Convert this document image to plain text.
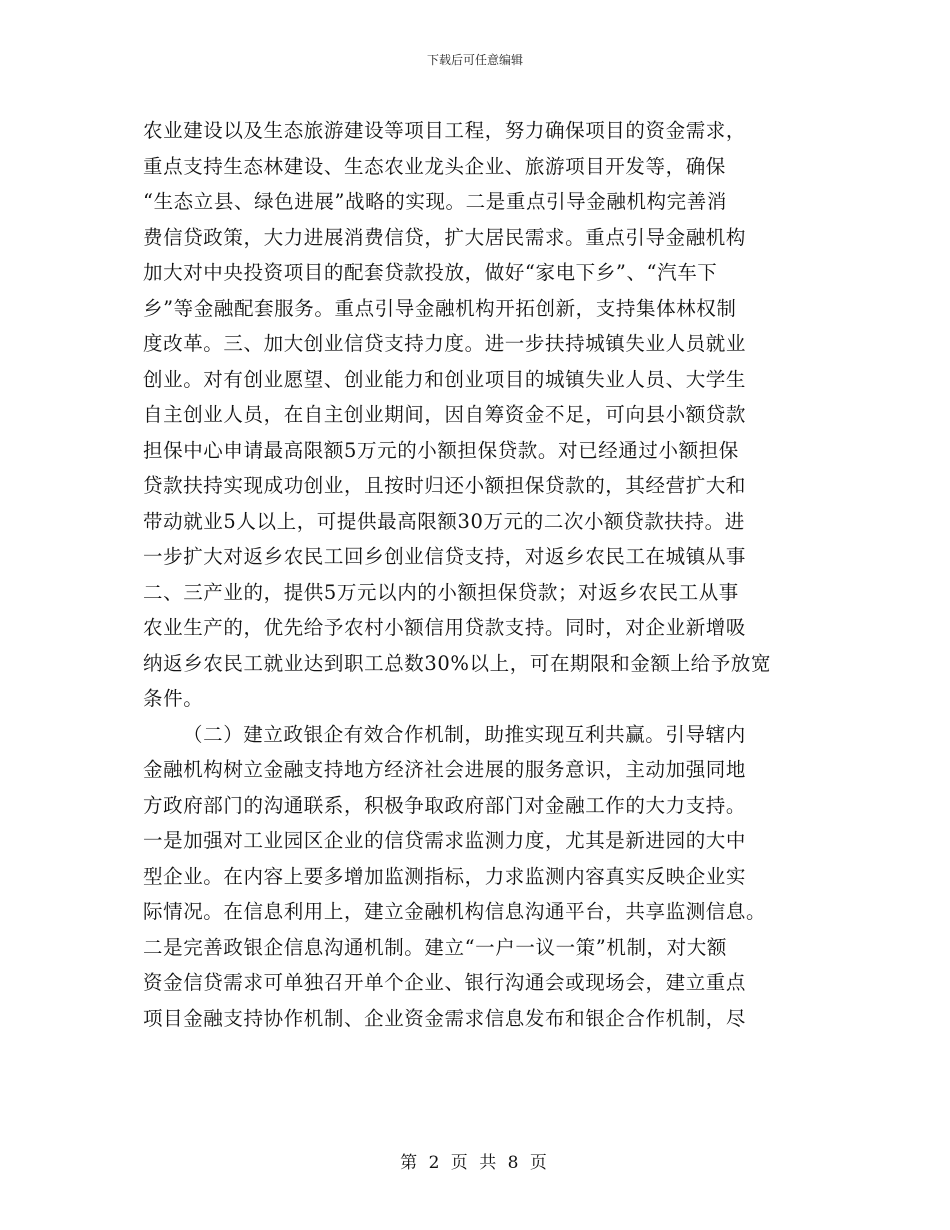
下载后可任意编辑
农业建设以及生态旅游建设等项目工程，努力确保项目的资金需求，
重点支持生态林建设、生态农业龙头企业、旅游项目开发等，确保
“生态立县、绿色进展”战略的实现。二是重点引导金融机构完善消
费信贷政策，大力进展消费信贷，扩大居民需求。重点引导金融机构
加大对中央投资项目的配套贷款投放，做好“家电下乡”、“汽车下
乡”等金融配套服务。重点引导金融机构开拓创新，支持集体林权制
度改革。三、加大创业信贷支持力度。进一步扶持城镇失业人员就业
创业。对有创业愿望、创业能力和创业项目的城镇失业人员、大学生
自主创业人员，在自主创业期间，因自筹资金不足，可向县小额贷款
担保中心申请最高限额5万元的小额担保贷款。对已经通过小额担保
贷款扶持实现成功创业，且按时归还小额担保贷款的，其经营扩大和
带动就业5人以上，可提供最高限额30万元的二次小额贷款扶持。进
一步扩大对返乡农民工回乡创业信贷支持，对返乡农民工在城镇从事
二、三产业的，提供5万元以内的小额担保贷款；对返乡农民工从事
农业生产的，优先给予农村小额信用贷款支持。同时，对企业新增吸
纳返乡农民工就业达到职工总数30%以上，可在期限和金额上给予放宽
条件。
（二）建立政银企有效合作机制，助推实现互利共赢。引导辖内
金融机构树立金融支持地方经济社会进展的服务意识，主动加强同地
方政府部门的沟通联系，积极争取政府部门对金融工作的大力支持。
一是加强对工业园区企业的信贷需求监测力度，尤其是新进园的大中
型企业。在内容上要多增加监测指标，力求监测内容真实反映企业实
际情况。在信息利用上，建立金融机构信息沟通平台，共享监测信息。
二是完善政银企信息沟通机制。建立“一户一议一策”机制，对大额
资金信贷需求可单独召开单个企业、银行沟通会或现场会，建立重点
项目金融支持协作机制、企业资金需求信息发布和银企合作机制，尽
第 2 页 共 8 页
